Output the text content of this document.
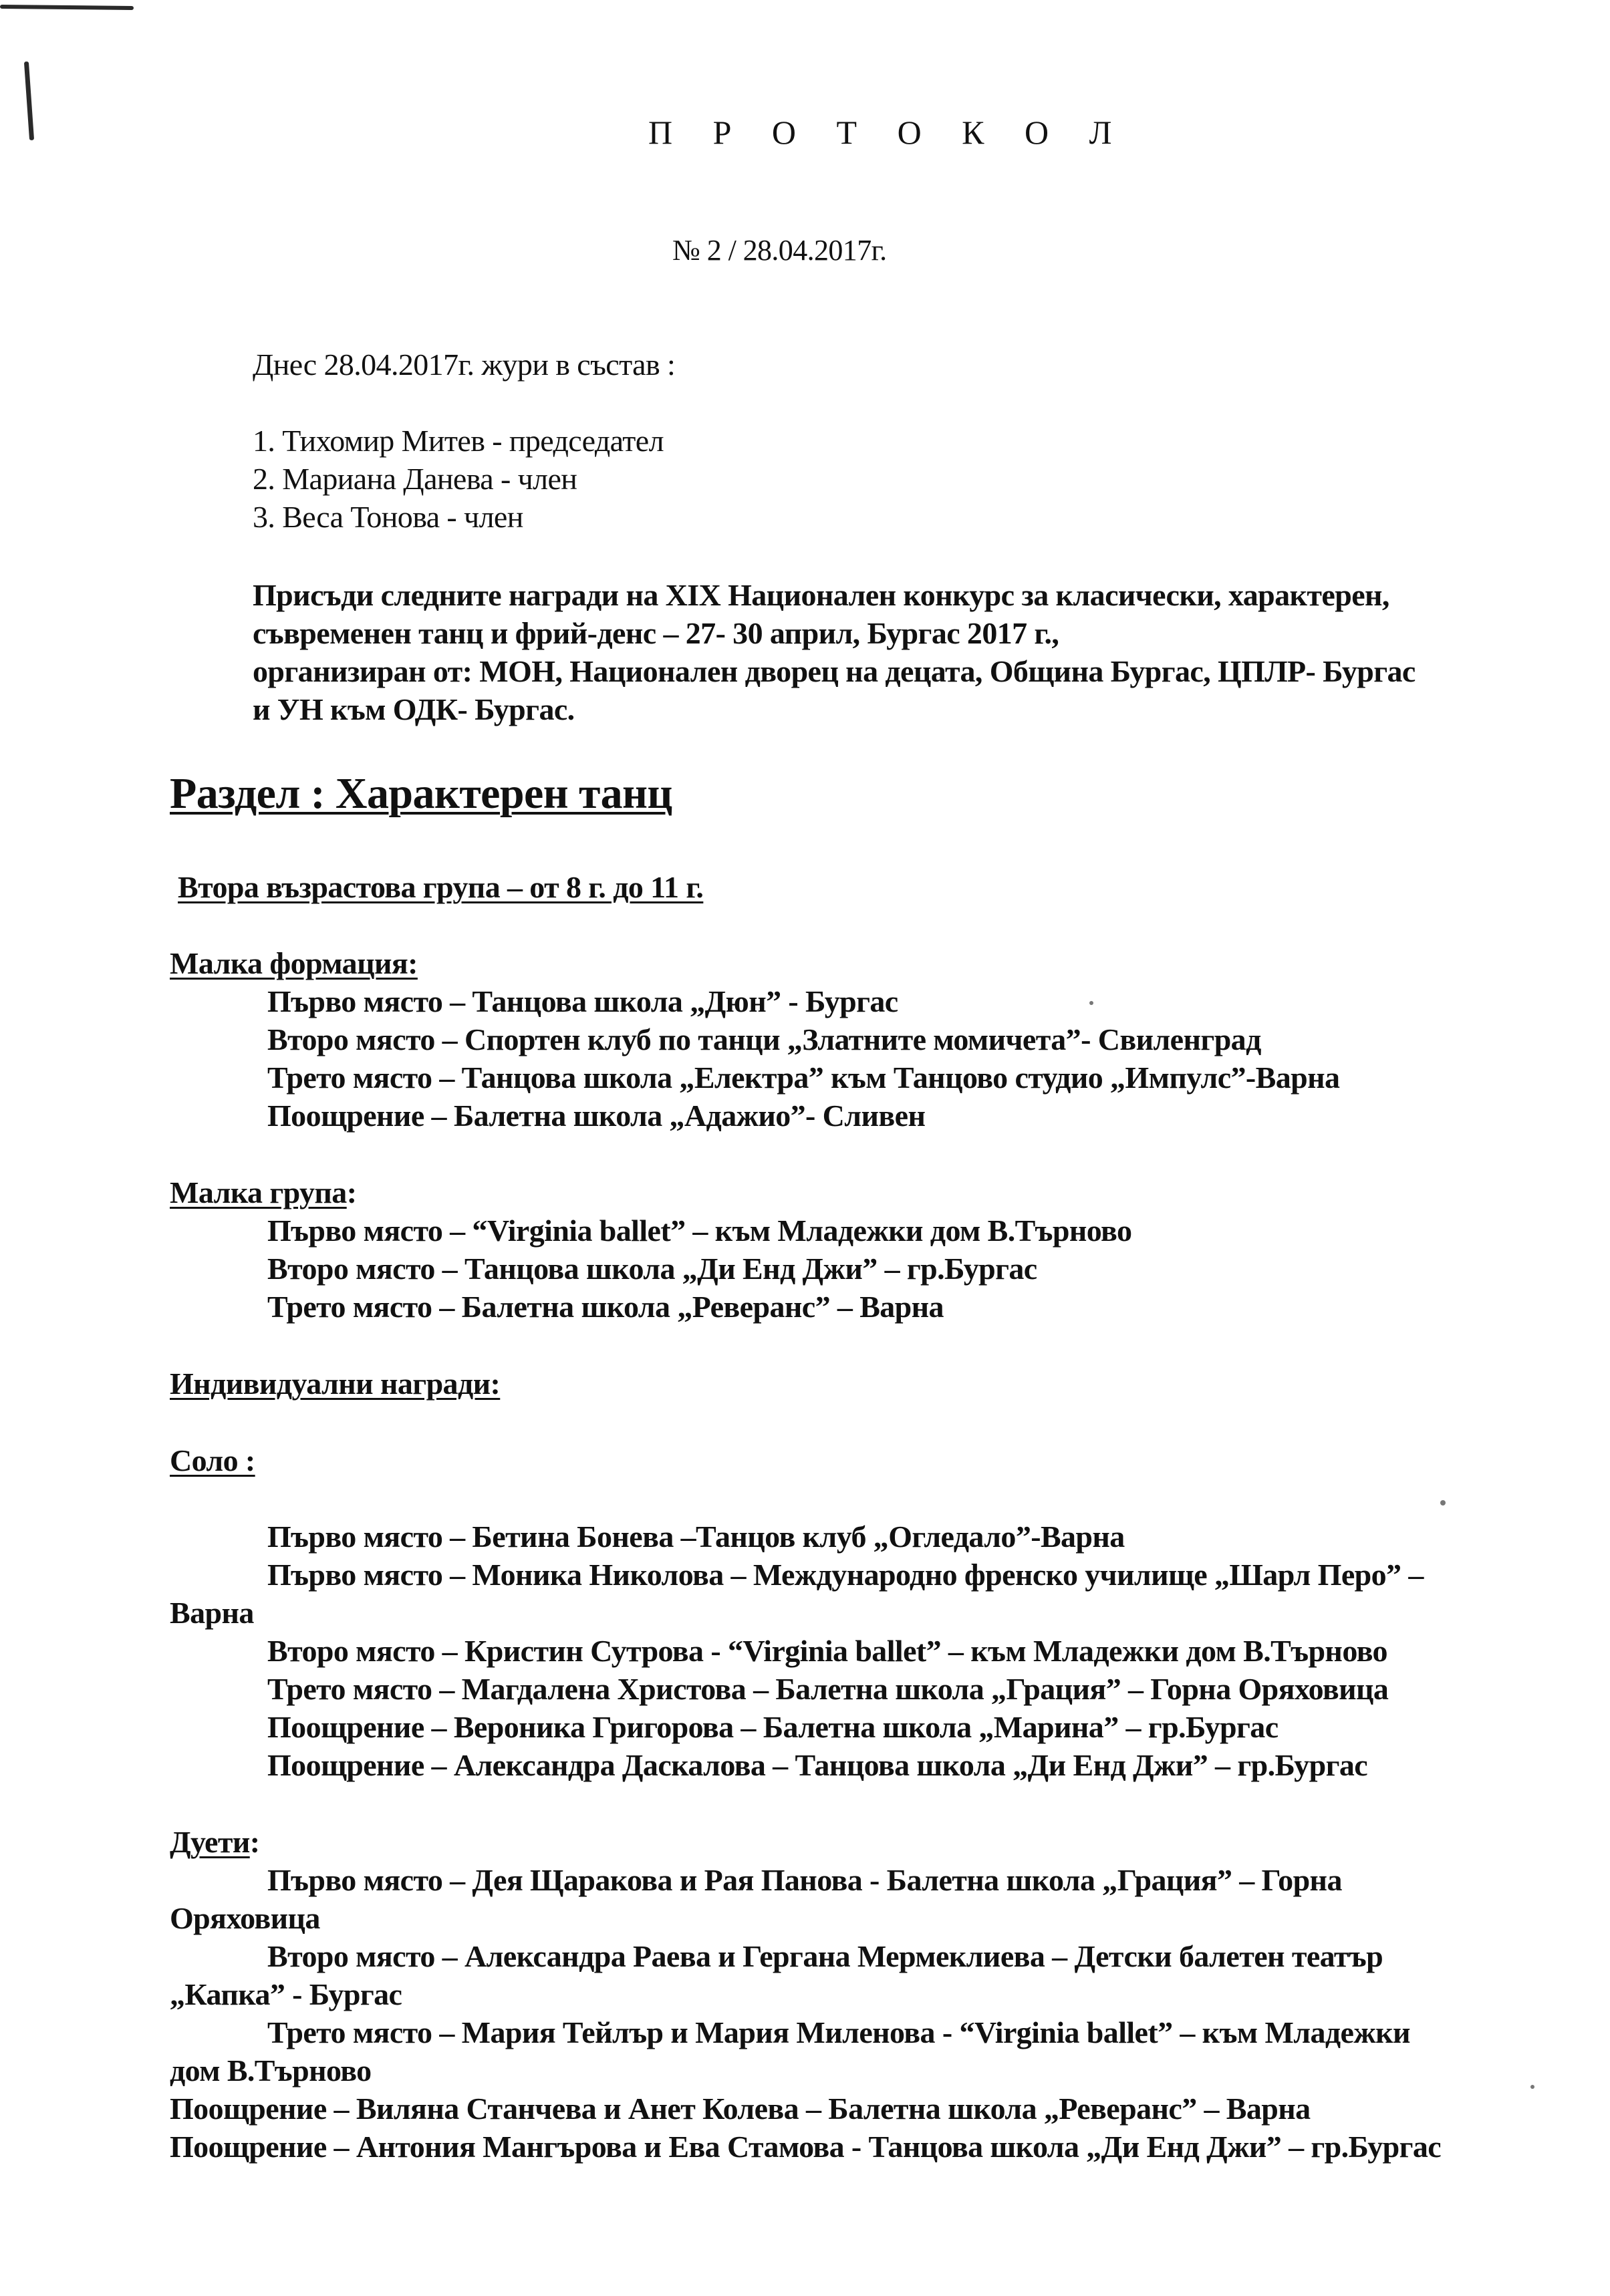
П Р О Т О К О Л
№ 2 / 28.04.2017г.
Днес 28.04.2017г. жури в състав :
1. Тихомир Митев - председател
2. Мариана Данева - член
3. Веса Тонова - член
Присъди следните награди на ХIХ Национален конкурс за класически, характерен,
съвременен танц и фрий-денс – 27- 30 април, Бургас 2017 г.,
организиран от: МОН, Национален дворец на децата, Община Бургас, ЦПЛР- Бургас
и УН към ОДК- Бургас.
Раздел : Характерен танц
Втора възрастова група – от 8 г. до 11 г.
Малка формация:
Първо място – Танцова школа „Дюн” - Бургас
Второ място – Спортен клуб по танци „Златните момичета”- Свиленград
Трето място – Танцова школа „Електра” към Танцово студио „Импулс”-Варна
Поощрение – Балетна школа „Адажио”- Сливен
Малка група:
Първо място – “Virginia ballet” – към Младежки дом В.Търново
Второ място – Танцова школа „Ди Енд Джи” – гр.Бургас
Трето място – Балетна школа „Реверанс” – Варна
Индивидуални награди:
Соло :
Първо място – Бетина Бонева –Танцов клуб „Огледало”-Варна
Първо място – Моника Николова – Международно френско училище „Шарл Перо” –
Варна
Второ място – Кристин Сутрова - “Virginia ballet” – към Младежки дом В.Търново
Трето място – Магдалена Христова – Балетна школа „Грация” – Горна Оряховица
Поощрение – Вероника Григорова – Балетна школа „Марина” – гр.Бургас
Поощрение – Александра Даскалова – Танцова школа „Ди Енд Джи” – гр.Бургас
Дуети:
Първо място – Дея Щаракова и Рая Панова - Балетна школа „Грация” – Горна
Оряховица
Второ място – Александра Раева и Гергана Мермеклиева – Детски балетен театър
„Капка” - Бургас
Трето място – Мария Тейлър и Мария Миленова - “Virginia ballet” – към Младежки
дом В.Търново
Поощрение – Виляна Станчева и Анет Колева – Балетна школа „Реверанс” – Варна
Поощрение – Антония Мангърова и Ева Стамова - Танцова школа „Ди Енд Джи” – гр.Бургас
